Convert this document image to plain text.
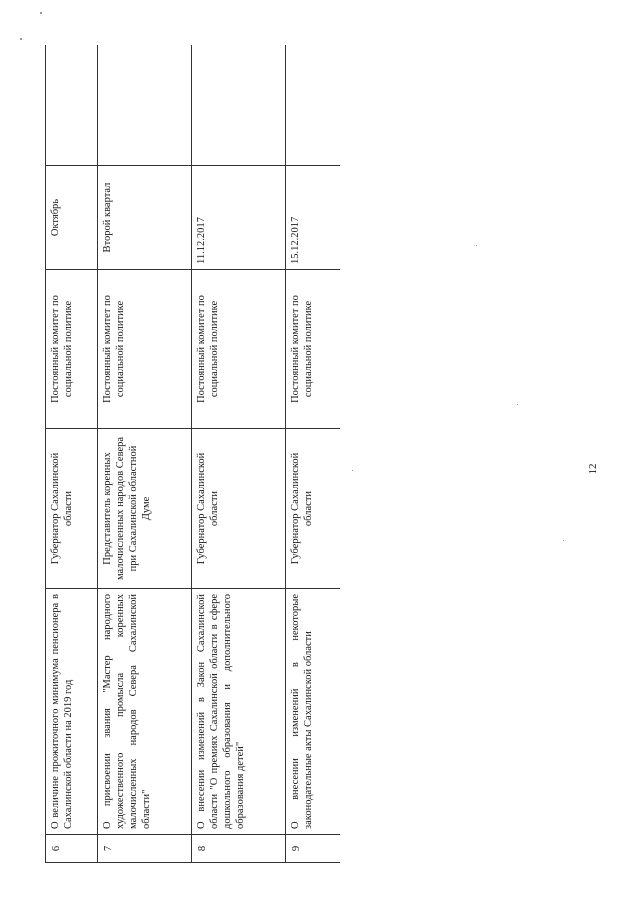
6
О величине прожиточного минимума пенсионера в Сахалинской области на 2019 год
Губернатор Сахалинской области
Постоянный комитет по социальной политике
Октябрь
7
О присвоении звания "Мастер народного художественного промысла коренных малочисленных народов Севера Сахалинской области"
Представитель коренных малочисленных народов Севера при Сахалинской областной Думе
Постоянный комитет по социальной политике
Второй квартал
8
О внесении изменений в Закон Сахалинской области "О премиях Сахалинской области в сфере дошкольного образования и дополнительного образования детей"
Губернатор Сахалинской области
Постоянный комитет по социальной политике
11.12.2017
9
О внесении изменений в некоторые законодательные акты Сахалинской области
Губернатор Сахалинской области
Постоянный комитет по социальной политике
15.12.2017
12
